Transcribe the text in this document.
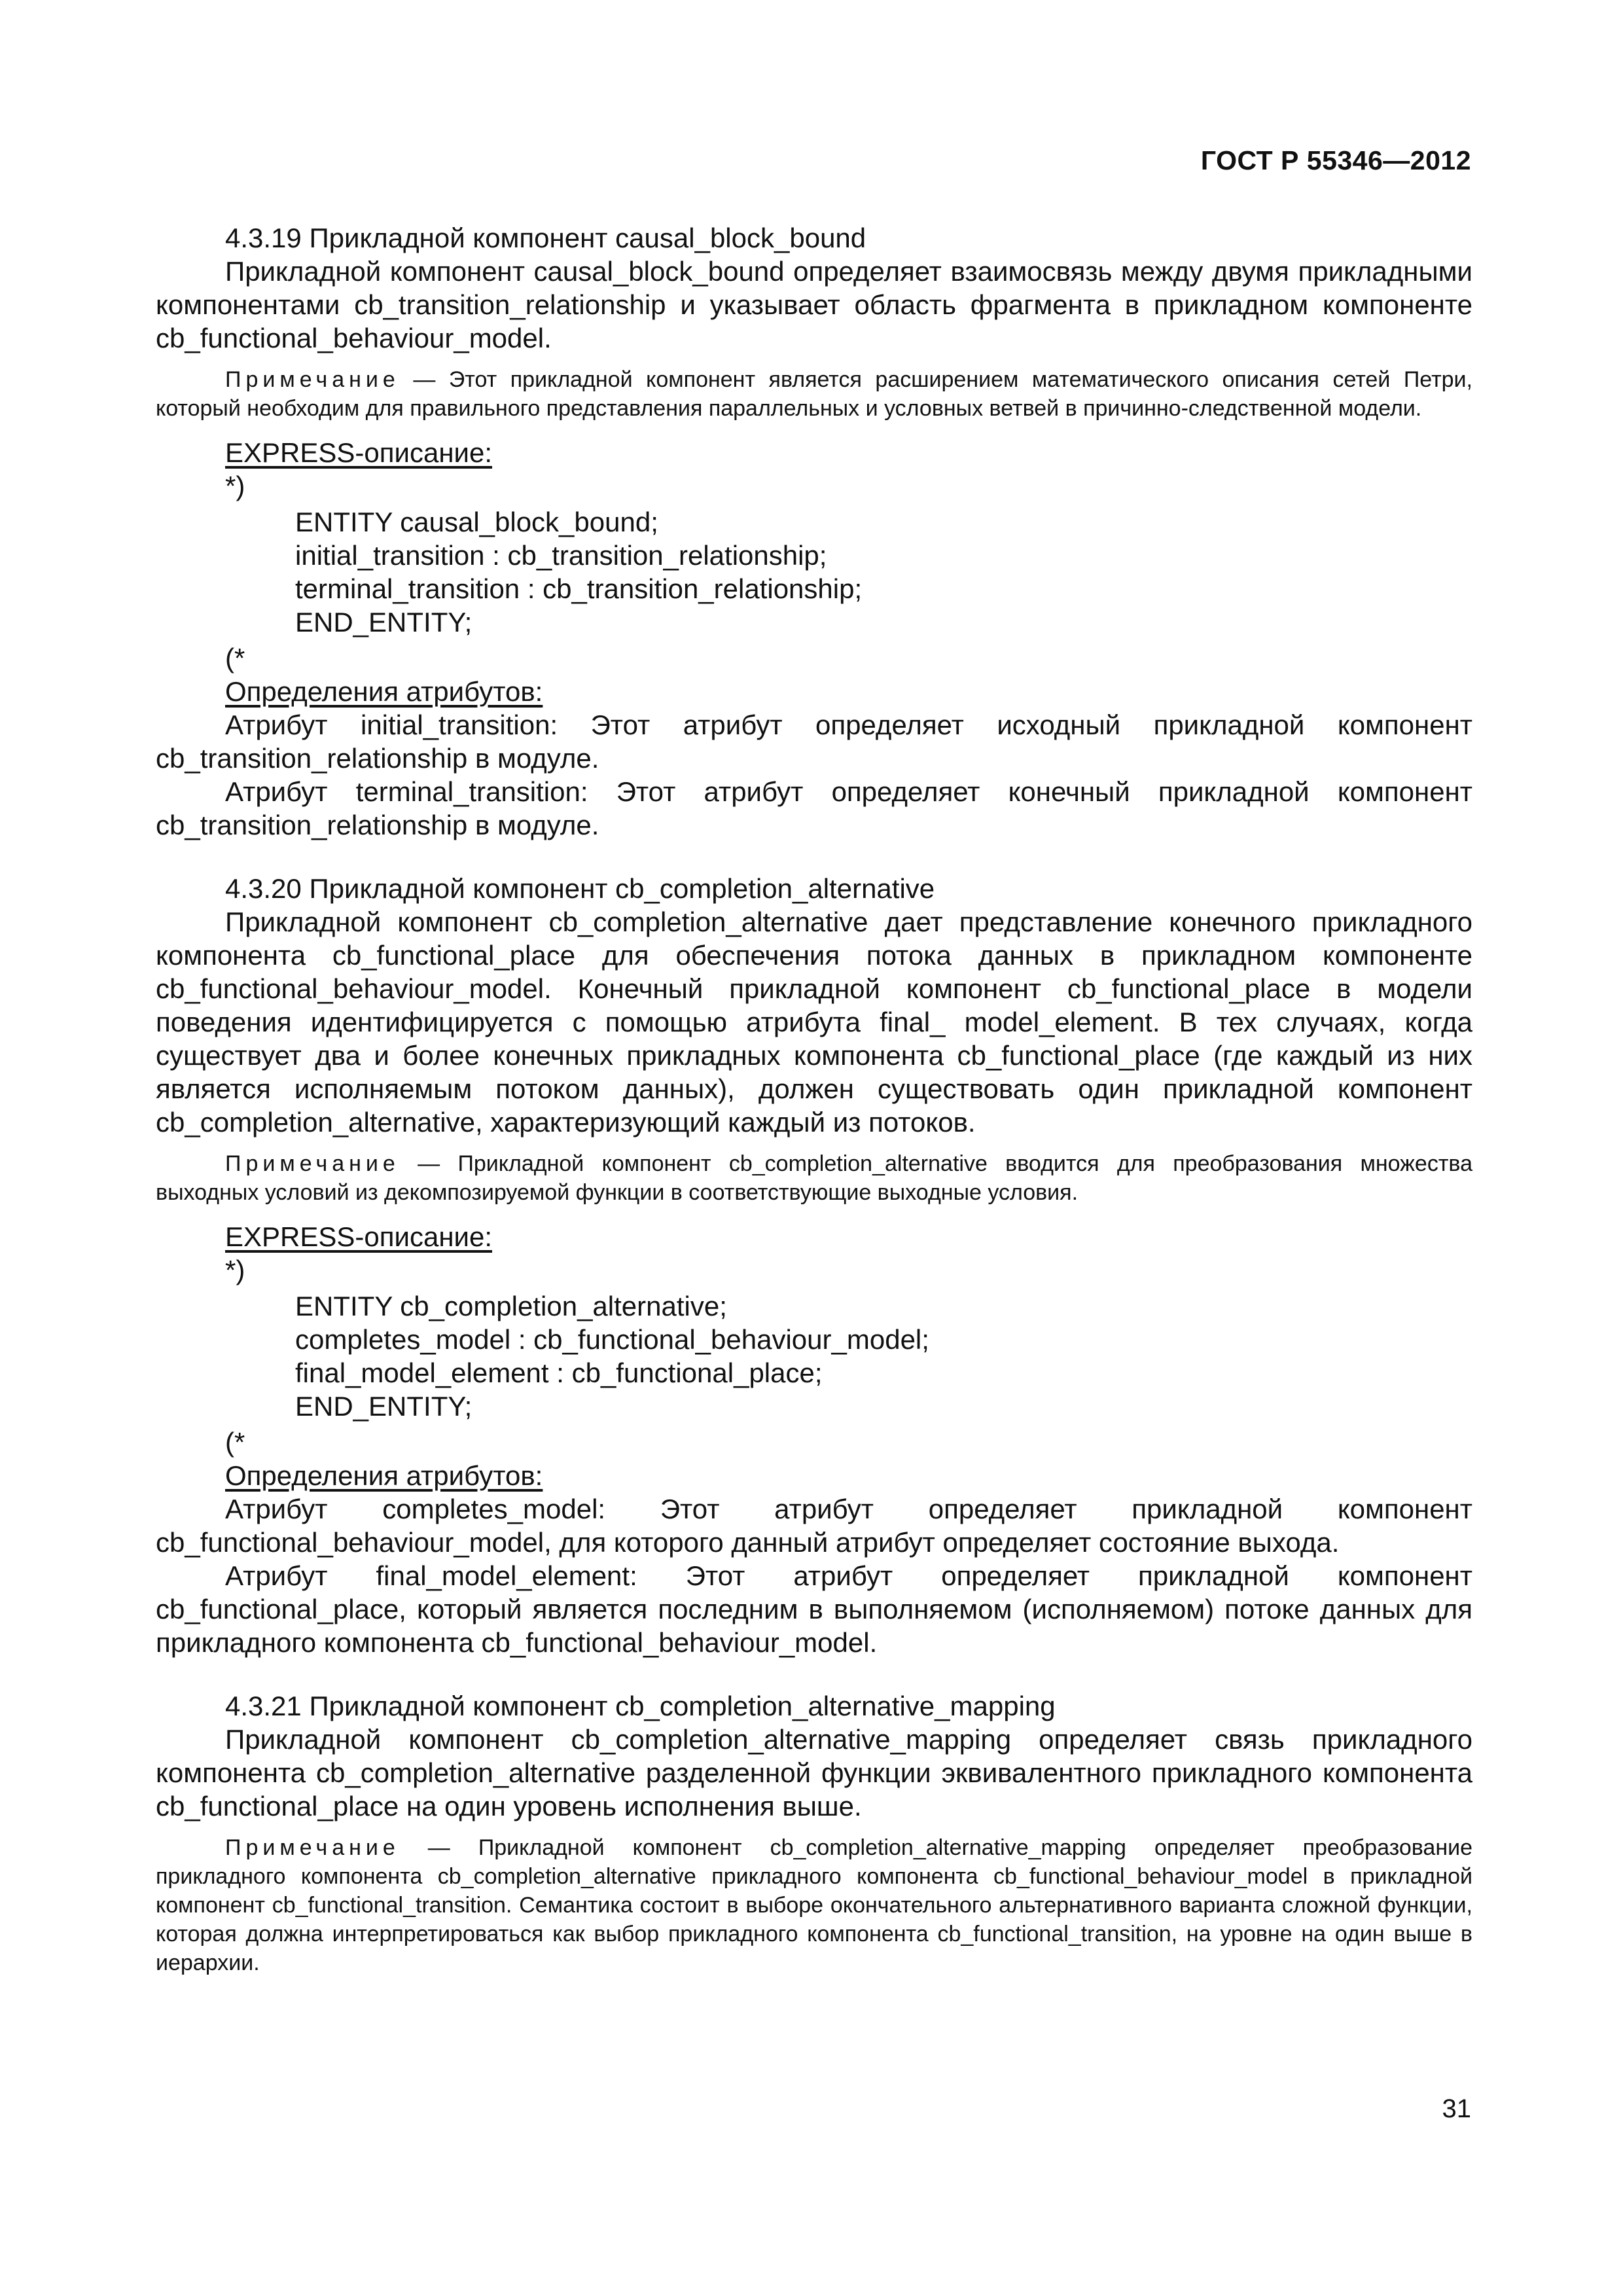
ГОСТ Р 55346—2012

4.3.19 Прикладной компонент causal_block_bound

Прикладной компонент causal_block_bound определяет взаимосвязь между двумя прикладными компонентами cb_transition_relationship и указывает область фрагмента в прикладном компоненте cb_functional_behaviour_model.

Примечание — Этот прикладной компонент является расширением математического описания сетей Петри, который необходим для правильного представления параллельных и условных ветвей в причинно-следственной модели.

EXPRESS-описание:

*)

ENTITY causal_block_bound;

initial_transition : cb_transition_relationship;

terminal_transition : cb_transition_relationship;

END_ENTITY;

(*

Определения атрибутов:

Атрибут initial_transition: Этот атрибут определяет исходный прикладной компонент cb_transition_relationship в модуле.

Атрибут terminal_transition: Этот атрибут определяет конечный прикладной компонент cb_transition_relationship в модуле.

4.3.20 Прикладной компонент cb_completion_alternative

Прикладной компонент cb_completion_alternative дает представление конечного прикладного компонента cb_functional_place для обеспечения потока данных в прикладном компоненте cb_functional_behaviour_model. Конечный прикладной компонент cb_functional_place в модели поведения идентифицируется с помощью атрибута final_ model_element. В тех случаях, когда существует два и более конечных прикладных компонента cb_functional_place (где каждый из них является исполняемым потоком данных), должен существовать один прикладной компонент cb_completion_alternative, характеризующий каждый из потоков.

Примечание — Прикладной компонент cb_completion_alternative вводится для преобразования множества выходных условий из декомпозируемой функции в соответствующие выходные условия.

EXPRESS-описание:

*)

ENTITY cb_completion_alternative;

completes_model : cb_functional_behaviour_model;

final_model_element : cb_functional_place;

END_ENTITY;

(*

Определения атрибутов:

Атрибут completes_model: Этот атрибут определяет прикладной компонент cb_functional_behaviour_model, для которого данный атрибут определяет состояние выхода.

Атрибут final_model_element: Этот атрибут определяет прикладной компонент cb_functional_place, который является последним в выполняемом (исполняемом) потоке данных для прикладного компонента cb_functional_behaviour_model.

4.3.21 Прикладной компонент cb_completion_alternative_mapping

Прикладной компонент cb_completion_alternative_mapping определяет связь прикладного компонента cb_completion_alternative разделенной функции эквивалентного прикладного компонента cb_functional_place на один уровень исполнения выше.

Примечание — Прикладной компонент cb_completion_alternative_mapping определяет преобразование прикладного компонента cb_completion_alternative прикладного компонента cb_functional_behaviour_model в прикладной компонент cb_functional_transition. Семантика состоит в выборе окончательного альтернативного варианта сложной функции, которая должна интерпретироваться как выбор прикладного компонента cb_functional_transition, на уровне на один выше в иерархии.

31
